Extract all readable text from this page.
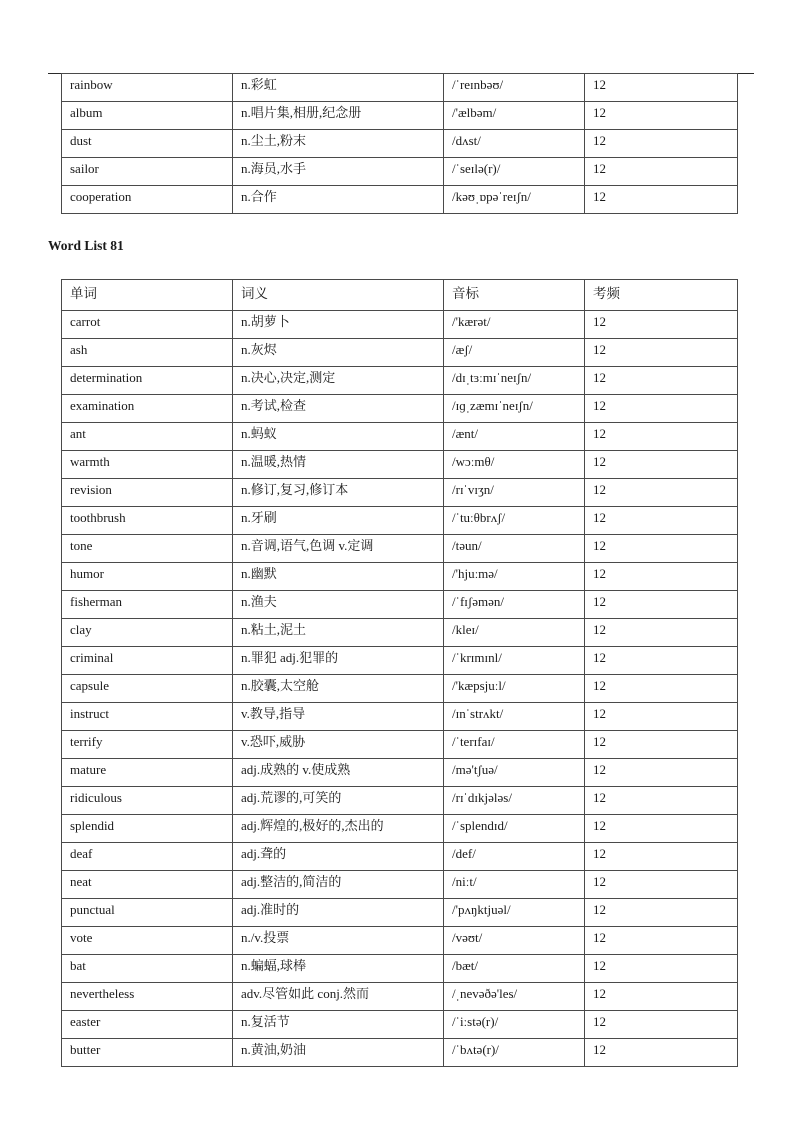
rainbow	n.彩虹	/ˈreɪnbəʊ/	12
album	n.唱片集,相册,纪念册	/'ælbəm/	12
dust	n.尘土,粉末	/dʌst/	12
sailor	n.海员,水手	/ˈseɪlə(r)/	12
cooperation	n.合作	/kəʊˌɒpəˈreɪʃn/	12
Word List 81
单词	词义	音标	考频
carrot	n.胡萝卜	/'kærət/	12
ash	n.灰烬	/æʃ/	12
determination	n.决心,决定,测定	/dɪˌtɜːmɪˈneɪʃn/	12
examination	n.考试,检查	/ɪɡˌzæmɪˈneɪʃn/	12
ant	n.蚂蚁	/ænt/	12
warmth	n.温暖,热情	/wɔːmθ/	12
revision	n.修订,复习,修订本	/rɪˈvɪʒn/	12
toothbrush	n.牙刷	/ˈtuːθbrʌʃ/	12
tone	n.音调,语气,色调 v.定调	/təun/	12
humor	n.幽默	/'hjuːmə/	12
fisherman	n.渔夫	/ˈfɪʃəmən/	12
clay	n.粘土,泥土	/kleɪ/	12
criminal	n.罪犯 adj.犯罪的	/ˈkrɪmɪnl/	12
capsule	n.胶囊,太空舱	/'kæpsjuːl/	12
instruct	v.教导,指导	/ɪnˈstrʌkt/	12
terrify	v.恐吓,威胁	/ˈterɪfaɪ/	12
mature	adj.成熟的 v.使成熟	/mə'tʃuə/	12
ridiculous	adj.荒谬的,可笑的	/rɪˈdɪkjələs/	12
splendid	adj.辉煌的,极好的,杰出的	/ˈsplendɪd/	12
deaf	adj.聋的	/def/	12
neat	adj.整洁的,简洁的	/niːt/	12
punctual	adj.准时的	/'pʌŋktjuəl/	12
vote	n./v.投票	/vəʊt/	12
bat	n.蝙蝠,球棒	/bæt/	12
nevertheless	adv.尽管如此 conj.然而	/ˌnevəðə'les/	12
easter	n.复活节	/ˈiːstə(r)/	12
butter	n.黄油,奶油	/ˈbʌtə(r)/	12
